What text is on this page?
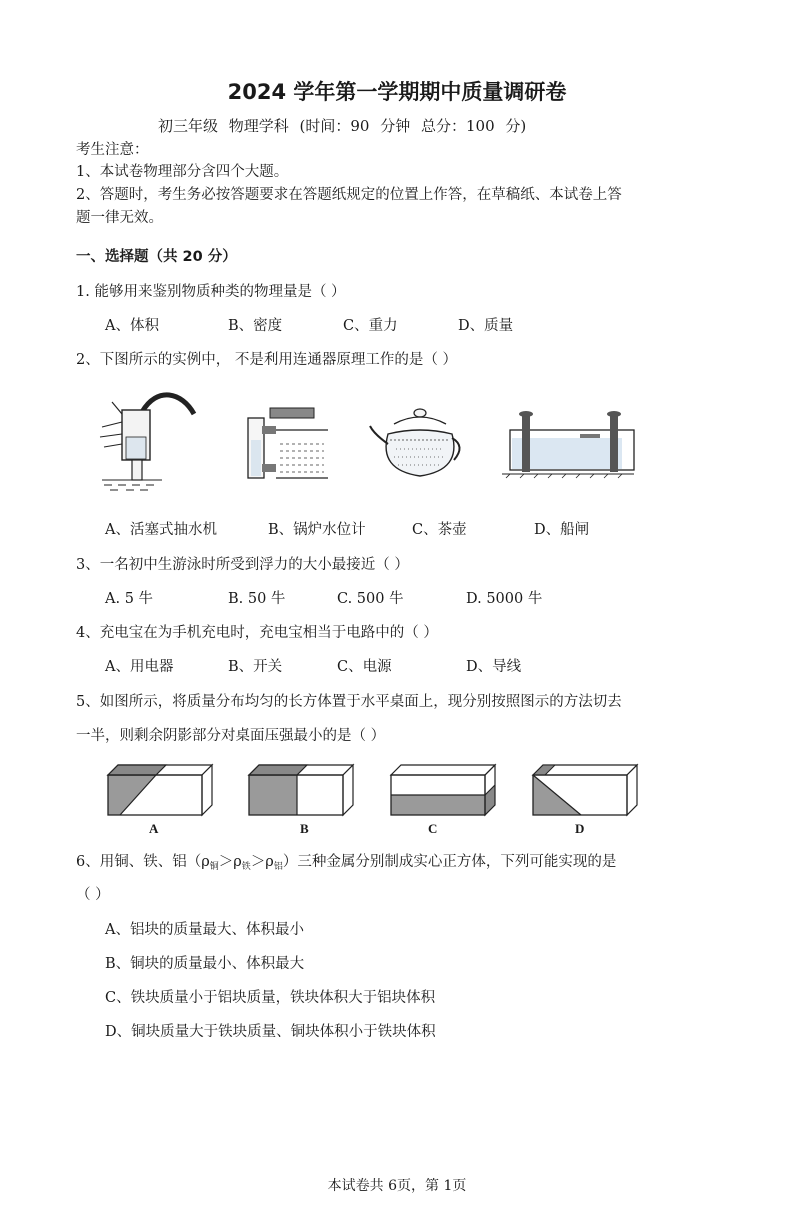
2024 学年第一学期期中质量调研卷
初三年级 物理学科 (时间：90 分钟 总分：100 分)
考生注意：
1、本试卷物理部分含四个大题。
2、答题时，考生务必按答题要求在答题纸规定的位置上作答，在草稿纸、本试卷上答
题一律无效。
一、选择题（共 20 分）
1. 能够用来鉴别物质种类的物理量是（ ）
A、体积	B、密度	C、重力	D、质量
2、下图所示的实例中， 不是利用连通器原理工作的是（ ）
A、活塞式抽水机	B、锅炉水位计	C、茶壶	D、船闸
3、一名初中生游泳时所受到浮力的大小最接近（ ）
A. 5 牛	B. 50 牛	C. 500 牛	D. 5000 牛
4、充电宝在为手机充电时，充电宝相当于电路中的（ ）
A、用电器	B、开关	C、电源	D、导线
5、如图所示，将质量分布均匀的长方体置于水平桌面上，现分别按照图示的方法切去
一半，则剩余阴影部分对桌面压强最小的是（ ）
A	B	C	D
6、用铜、铁、铝$(\rho_铜>\rho_铁>\rho_铝)$三种金属分别制成实心正方体，下列可能实现的是
（ ）
A、铝块的质量最大、体积最小
B、铜块的质量最小、体积最大
C、铁块质量小于铝块质量，铁块体积大于铝块体积
D、铜块质量大于铁块质量、铜块体积小于铁块体积
本试卷共 6页，第 1页
